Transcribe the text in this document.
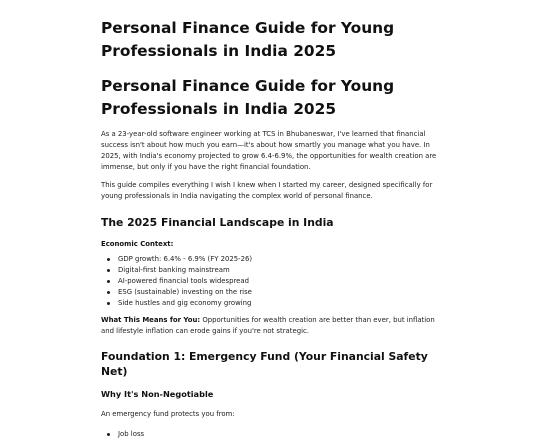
Personal Finance Guide for Young Professionals in India 2025
Personal Finance Guide for Young Professionals in India 2025

As a 23-year-old software engineer working at TCS in Bhubaneswar, I've learned that financial success isn't about how much you earn—it's about how smartly you manage what you have. In 2025, with India's economy projected to grow 6.4-6.9%, the opportunities for wealth creation are immense, but only if you have the right financial foundation.

This guide compiles everything I wish I knew when I started my career, designed specifically for young professionals in India navigating the complex world of personal finance.

The 2025 Financial Landscape in India
Economic Context:
GDP growth: 6.4% - 6.9% (FY 2025-26)
Digital-first banking mainstream
AI-powered financial tools widespread
ESG (sustainable) investing on the rise
Side hustles and gig economy growing

What This Means for You: Opportunities for wealth creation are better than ever, but inflation and lifestyle inflation can erode gains if you're not strategic.

Foundation 1: Emergency Fund (Your Financial Safety Net)
Why It's Non-Negotiable

An emergency fund protects you from:

Job loss
